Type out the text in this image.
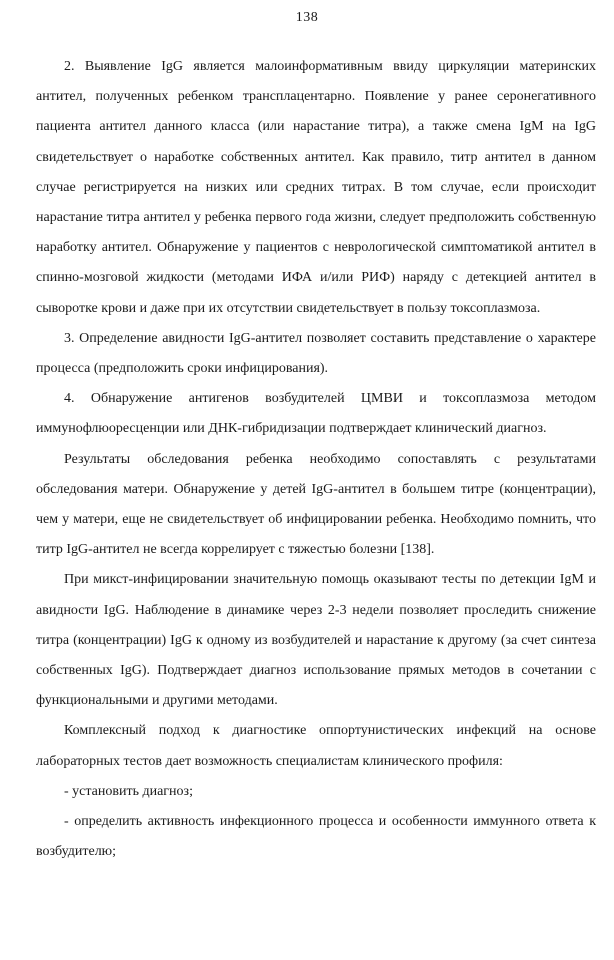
138

2. Выявление IgG является малоинформативным ввиду циркуляции материнских антител, полученных ребенком трансплацентарно. Появление у ранее серонегативного пациента антител данного класса (или нарастание титра), а также смена IgM на IgG свидетельствует о наработке собственных антител. Как правило, титр антител в данном случае регистрируется на низких или средних титрах. В том случае, если происходит нарастание титра антител у ребенка первого года жизни, следует предположить собственную наработку антител. Обнаружение у пациентов с неврологической симптоматикой антител в спинно-мозговой жидкости (методами ИФА и/или РИФ) наряду с детекцией антител в сыворотке крови и даже при их отсутствии свидетельствует в пользу токсоплазмоза.

3. Определение авидности IgG-антител позволяет составить представление о характере процесса (предположить сроки инфицирования).

4. Обнаружение антигенов возбудителей ЦМВИ и токсоплазмоза методом иммунофлюоресценции или ДНК-гибридизации подтверждает клинический диагноз.

Результаты обследования ребенка необходимо сопоставлять с результатами обследования матери. Обнаружение у детей IgG-антител в большем титре (концентрации), чем у матери, еще не свидетельствует об инфицировании ребенка. Необходимо помнить, что титр IgG-антител не всегда коррелирует с тяжестью болезни [138].

При микст-инфицировании значительную помощь оказывают тесты по детекции IgM и авидности IgG. Наблюдение в динамике через 2-3 недели позволяет проследить снижение титра (концентрации) IgG к одному из возбудителей и нарастание к другому (за счет синтеза собственных IgG). Подтверждает диагноз использование прямых методов в сочетании с функциональными и другими методами.

Комплексный подход к диагностике оппортунистических инфекций на основе лабораторных тестов дает возможность специалистам клинического профиля:

- установить диагноз;

- определить активность инфекционного процесса и особенности иммунного ответа к возбудителю;
